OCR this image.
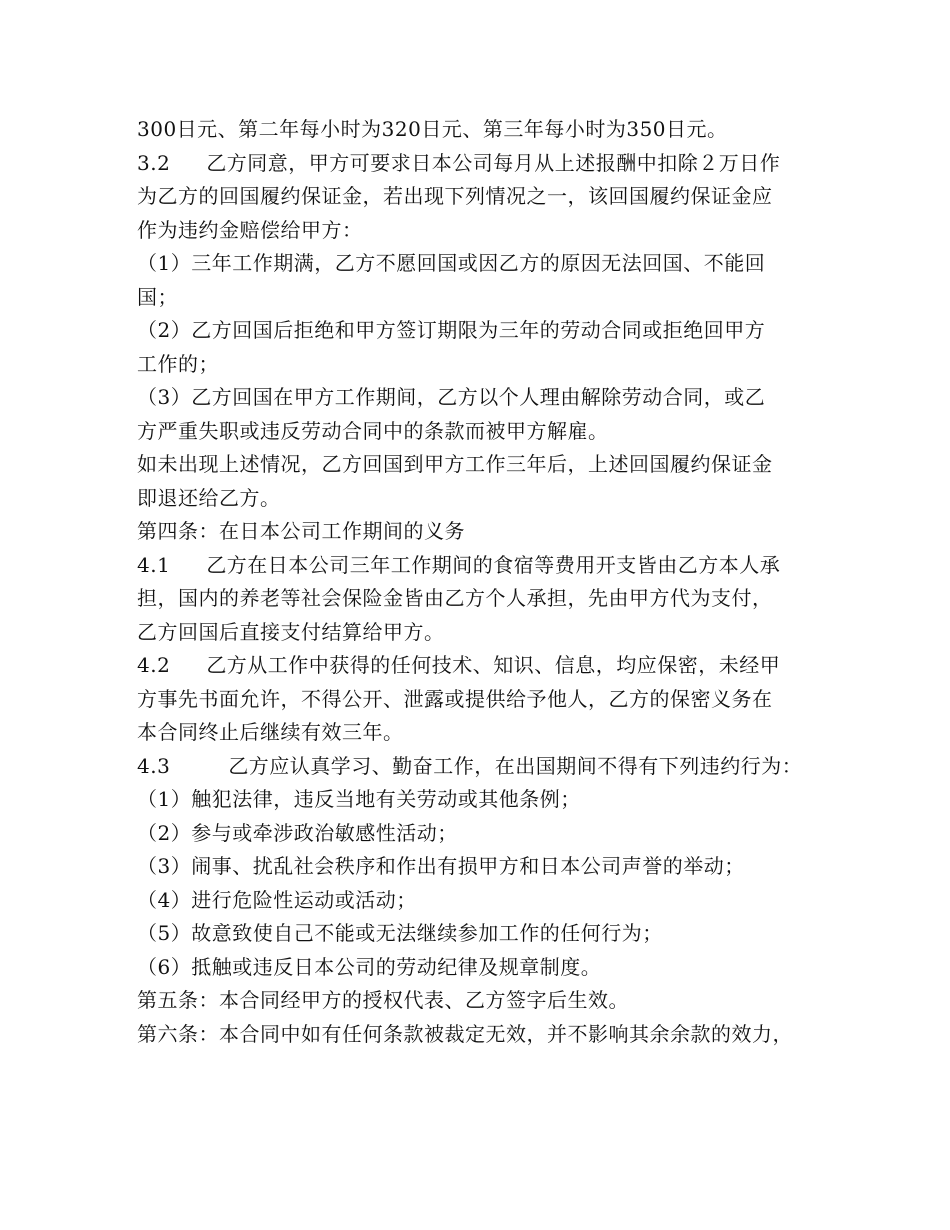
300日元、第二年每小时为320日元、第三年每小时为350日元。
3.2 乙方同意，甲方可要求日本公司每月从上述报酬中扣除２万日作
为乙方的回国履约保证金，若出现下列情况之一，该回国履约保证金应
作为违约金赔偿给甲方：
（1）三年工作期满，乙方不愿回国或因乙方的原因无法回国、不能回
国；
（2）乙方回国后拒绝和甲方签订期限为三年的劳动合同或拒绝回甲方
工作的；
（3）乙方回国在甲方工作期间，乙方以个人理由解除劳动合同，或乙
方严重失职或违反劳动合同中的条款而被甲方解雇。
如未出现上述情况，乙方回国到甲方工作三年后，上述回国履约保证金
即退还给乙方。
第四条：在日本公司工作期间的义务
4.1 乙方在日本公司三年工作期间的食宿等费用开支皆由乙方本人承
担，国内的养老等社会保险金皆由乙方个人承担，先由甲方代为支付，
乙方回国后直接支付结算给甲方。
4.2 乙方从工作中获得的任何技术、知识、信息，均应保密，未经甲
方事先书面允许，不得公开、泄露或提供给予他人，乙方的保密义务在
本合同终止后继续有效三年。
4.3	乙方应认真学习、勤奋工作，在出国期间不得有下列违约行为：
（1）触犯法律，违反当地有关劳动或其他条例；
（2）参与或牵涉政治敏感性活动；
（3）闹事、扰乱社会秩序和作出有损甲方和日本公司声誉的举动；
（4）进行危险性运动或活动；
（5）故意致使自己不能或无法继续参加工作的任何行为；
（6）抵触或违反日本公司的劳动纪律及规章制度。
第五条：本合同经甲方的授权代表、乙方签字后生效。
第六条：本合同中如有任何条款被裁定无效，并不影响其余余款的效力，
